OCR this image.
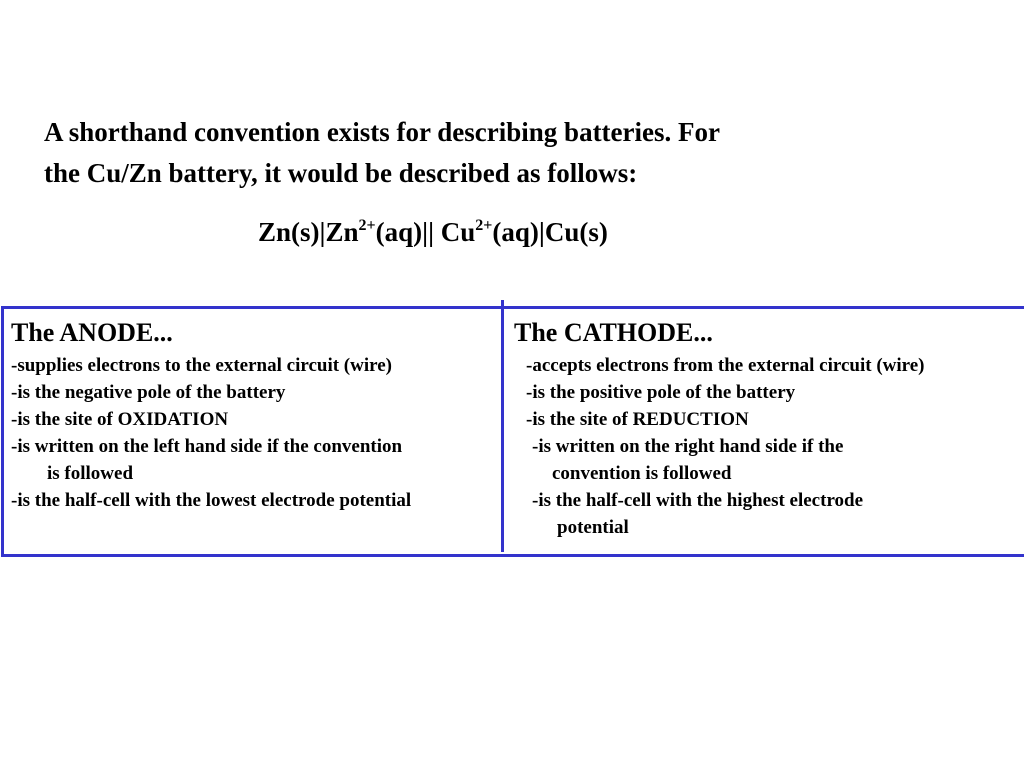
A shorthand convention exists for describing batteries. For
the Cu/Zn battery, it would be described as follows:
$Zn(s)|Zn^{2+}(aq)||$ $Cu^{2+}(aq)|Cu(s)$
The ANODE...
-supplies electrons to the external circuit (wire)
-is the negative pole of the battery
-is the site of OXIDATION
-is written on the left hand side if the convention
is followed
-is the half-cell with the lowest electrode potential
The CATHODE...
-accepts electrons from the external circuit (wire)
-is the positive pole of the battery
-is the site of REDUCTION
-is written on the right hand side if the
convention is followed
-is the half-cell with the highest electrode
potential
